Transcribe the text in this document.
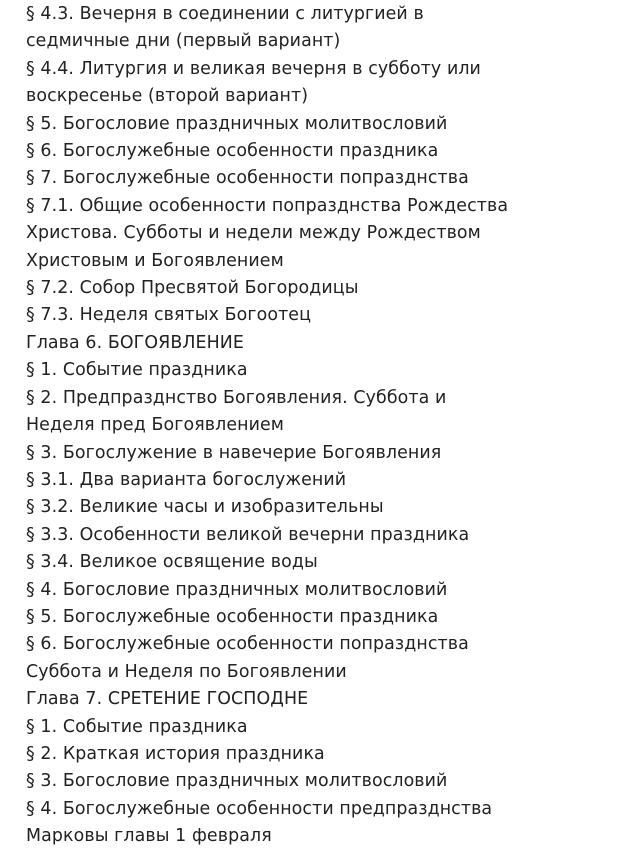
§ 4.3. Вечерня в соединении с литургией в
седмичные дни (первый вариант)
§ 4.4. Литургия и великая вечерня в субботу или
воскресенье (второй вариант)
§ 5. Богословие праздничных молитвословий
§ 6. Богослужебные особенности праздника
§ 7. Богослужебные особенности попразднства
§ 7.1. Общие особенности попразднства Рождества
Христова. Субботы и недели между Рождеством
Христовым и Богоявлением
§ 7.2. Собор Пресвятой Богородицы
§ 7.3. Неделя святых Богоотец
Глава 6. БОГОЯВЛЕНИЕ
§ 1. Событие праздника
§ 2. Предпразднство Богоявления. Суббота и
Неделя пред Богоявлением
§ 3. Богослужение в навечерие Богоявления
§ 3.1. Два варианта богослужений
§ 3.2. Великие часы и изобразительны
§ 3.3. Особенности великой вечерни праздника
§ 3.4. Великое освящение воды
§ 4. Богословие праздничных молитвословий
§ 5. Богослужебные особенности праздника
§ 6. Богослужебные особенности попразднства
Суббота и Неделя по Богоявлении
Глава 7. СРЕТЕНИЕ ГОСПОДНЕ
§ 1. Событие праздника
§ 2. Краткая история праздника
§ 3. Богословие праздничных молитвословий
§ 4. Богослужебные особенности предпразднства
Марковы главы 1 февраля
